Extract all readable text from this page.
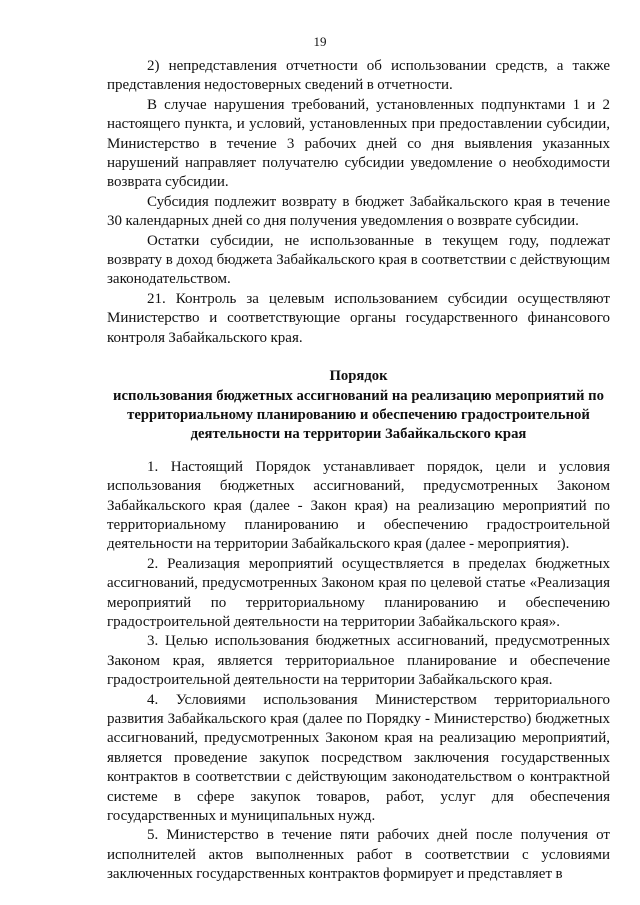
19

2) непредставления отчетности об использовании средств, а также представления недостоверных сведений в отчетности.

В случае нарушения требований, установленных подпунктами 1 и 2 настоящего пункта, и условий, установленных при предоставлении субсидии, Министерство в течение 3 рабочих дней со дня выявления указанных нарушений направляет получателю субсидии уведомление о необходимости возврата субсидии.

Субсидия подлежит возврату в бюджет Забайкальского края в течение 30 календарных дней со дня получения уведомления о возврате субсидии.

Остатки субсидии, не использованные в текущем году, подлежат возврату в доход бюджета Забайкальского края в соответствии с действующим законодательством.

21. Контроль за целевым использованием субсидии осуществляют Министерство и соответствующие органы государственного финансового контроля Забайкальского края.

Порядок

использования бюджетных ассигнований на реализацию мероприятий по территориальному планированию и обеспечению градостроительной деятельности на территории Забайкальского края

1. Настоящий Порядок устанавливает порядок, цели и условия использования бюджетных ассигнований, предусмотренных Законом Забайкальского края (далее - Закон края) на реализацию мероприятий по территориальному планированию и обеспечению градостроительной деятельности на территории Забайкальского края (далее - мероприятия).

2. Реализация мероприятий осуществляется в пределах бюджетных ассигнований, предусмотренных Законом края по целевой статье «Реализация мероприятий по территориальному планированию и обеспечению градостроительной деятельности на территории Забайкальского края».

3. Целью использования бюджетных ассигнований, предусмотренных Законом края, является территориальное планирование и обеспечение градостроительной деятельности на территории Забайкальского края.

4. Условиями использования Министерством территориального развития Забайкальского края (далее по Порядку - Министерство) бюджетных ассигнований, предусмотренных Законом края на реализацию мероприятий, является проведение закупок посредством заключения государственных контрактов в соответствии с действующим законодательством о контрактной системе в сфере закупок товаров, работ, услуг для обеспечения государственных и муниципальных нужд.

5. Министерство в течение пяти рабочих дней после получения от исполнителей актов выполненных работ в соответствии с условиями заключенных государственных контрактов формирует и представляет в
